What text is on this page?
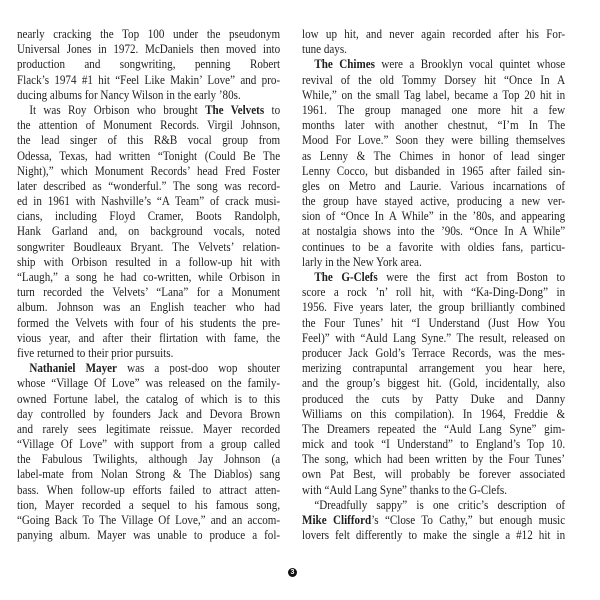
nearly cracking the Top 100 under the pseudonym
Universal Jones in 1972. McDaniels then moved into
production and songwriting, penning Robert
Flack’s 1974 #1 hit “Feel Like Makin’ Love” and pro-
ducing albums for Nancy Wilson in the early ’80s.
It was Roy Orbison who brought The Velvets to
the attention of Monument Records. Virgil Johnson,
the lead singer of this R&B vocal group from
Odessa, Texas, had written “Tonight (Could Be The
Night),” which Monument Records’ head Fred Foster
later described as “wonderful.” The song was record-
ed in 1961 with Nashville’s “A Team” of crack musi-
cians, including Floyd Cramer, Boots Randolph,
Hank Garland and, on background vocals, noted
songwriter Boudleaux Bryant. The Velvets’ relation-
ship with Orbison resulted in a follow-up hit with
“Laugh,” a song he had co-written, while Orbison in
turn recorded the Velvets’ “Lana” for a Monument
album. Johnson was an English teacher who had
formed the Velvets with four of his students the pre-
vious year, and after their flirtation with fame, the
five returned to their prior pursuits.
Nathaniel Mayer was a post-doo wop shouter
whose “Village Of Love” was released on the family-
owned Fortune label, the catalog of which is to this
day controlled by founders Jack and Devora Brown
and rarely sees legitimate reissue. Mayer recorded
“Village Of Love” with support from a group called
the Fabulous Twilights, although Jay Johnson (a
label-mate from Nolan Strong & The Diablos) sang
bass. When follow-up efforts failed to attract atten-
tion, Mayer recorded a sequel to his famous song,
“Going Back To The Village Of Love,” and an accom-
panying album. Mayer was unable to produce a fol-
low up hit, and never again recorded after his For-
tune days.
The Chimes were a Brooklyn vocal quintet whose
revival of the old Tommy Dorsey hit “Once In A
While,” on the small Tag label, became a Top 20 hit in
1961. The group managed one more hit a few
months later with another chestnut, “I’m In The
Mood For Love.” Soon they were billing themselves
as Lenny & The Chimes in honor of lead singer
Lenny Cocco, but disbanded in 1965 after failed sin-
gles on Metro and Laurie. Various incarnations of
the group have stayed active, producing a new ver-
sion of “Once In A While” in the ’80s, and appearing
at nostalgia shows into the ’90s. “Once In A While”
continues to be a favorite with oldies fans, particu-
larly in the New York area.
The G-Clefs were the first act from Boston to
score a rock ’n’ roll hit, with “Ka-Ding-Dong” in
1956. Five years later, the group brilliantly combined
the Four Tunes’ hit “I Understand (Just How You
Feel)” with “Auld Lang Syne.” The result, released on
producer Jack Gold’s Terrace Records, was the mes-
merizing contrapuntal arrangement you hear here,
and the group’s biggest hit. (Gold, incidentally, also
produced the cuts by Patty Duke and Danny
Williams on this compilation). In 1964, Freddie &
The Dreamers repeated the “Auld Lang Syne” gim-
mick and took “I Understand” to England’s Top 10.
The song, which had been written by the Four Tunes’
own Pat Best, will probably be forever associated
with “Auld Lang Syne” thanks to the G-Clefs.
“Dreadfully sappy” is one critic’s description of
Mike Clifford’s “Close To Cathy,” but enough music
lovers felt differently to make the single a #12 hit in
3
